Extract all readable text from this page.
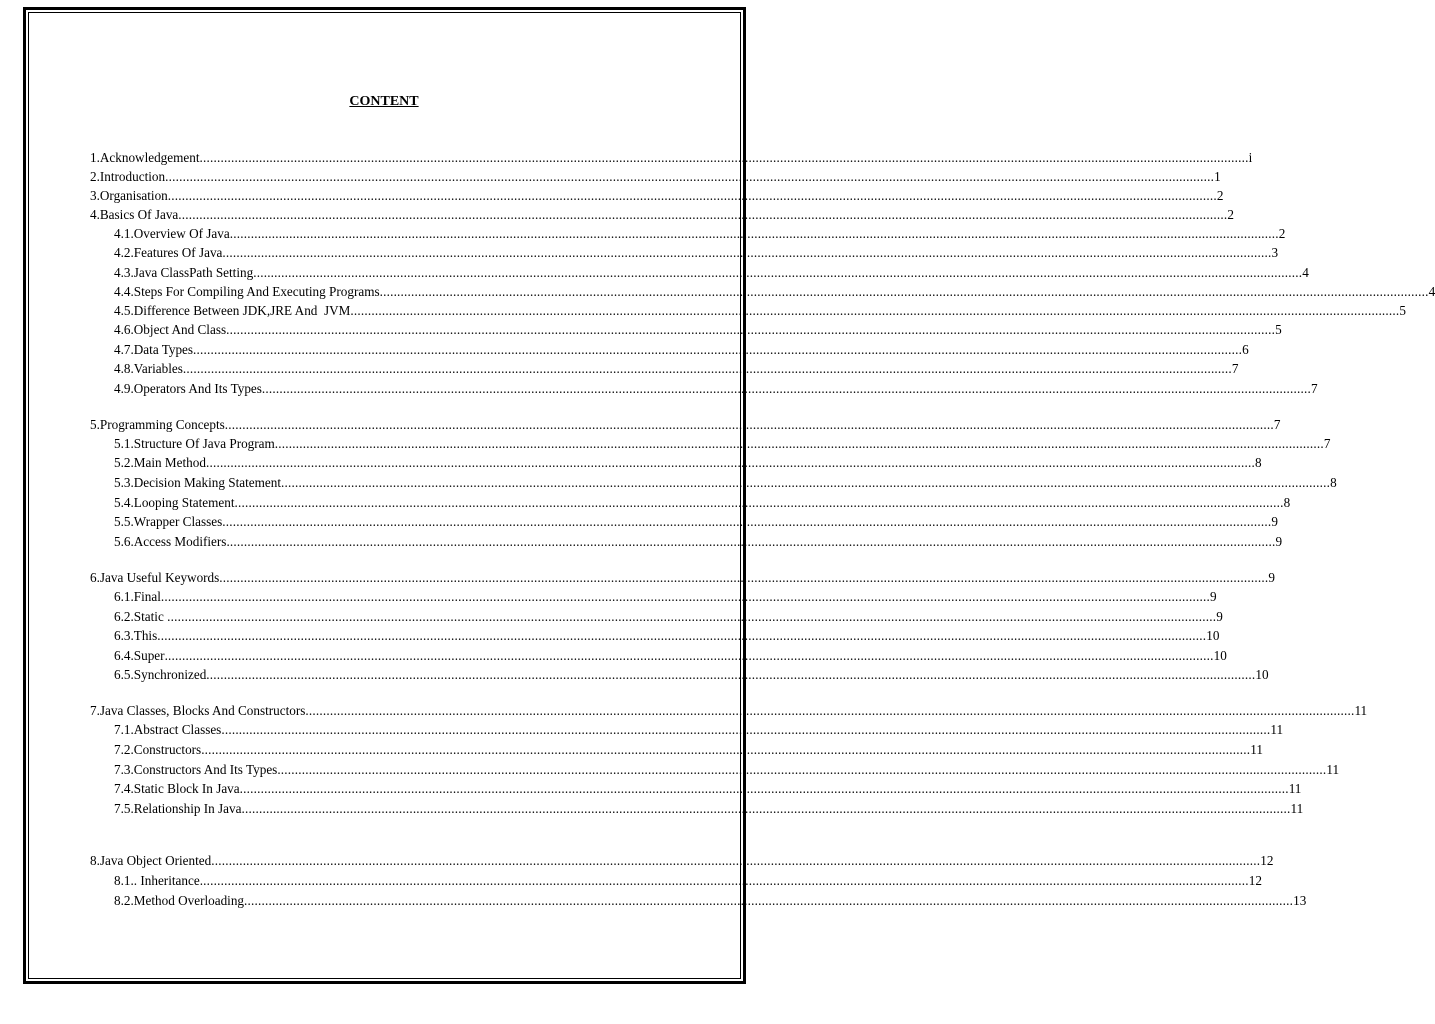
CONTENT
1. Acknowledgement ............................................................................................................................................................................................................................................................................................................ i
2. Introduction ............................................................................................................................................................................................................................................................................................................ 1
3. Organisation ............................................................................................................................................................................................................................................................................................................ 2
4. Basics Of Java ............................................................................................................................................................................................................................................................................................................ 2
4.1. Overview Of Java ............................................................................................................................................................................................................................................................................................................ 2
4.2. Features Of Java ............................................................................................................................................................................................................................................................................................................ 3
4.3. Java ClassPath Setting ............................................................................................................................................................................................................................................................................................................ 4
4.4. Steps For Compiling And Executing Programs ............................................................................................................................................................................................................................................................................................................ 4
4.5. Difference Between JDK,JRE And  JVM ............................................................................................................................................................................................................................................................................................................ 5
4.6. Object And Class ............................................................................................................................................................................................................................................................................................................ 5
4.7. Data Types ............................................................................................................................................................................................................................................................................................................ 6
4.8. Variables ............................................................................................................................................................................................................................................................................................................ 7
4.9. Operators And Its Types ............................................................................................................................................................................................................................................................................................................ 7
5. Programming Concepts ............................................................................................................................................................................................................................................................................................................ 7
5.1. Structure Of Java Program ............................................................................................................................................................................................................................................................................................................ 7
5.2. Main Method ............................................................................................................................................................................................................................................................................................................ 8
5.3. Decision Making Statement ............................................................................................................................................................................................................................................................................................................ 8
5.4. Looping Statement ............................................................................................................................................................................................................................................................................................................ 8
5.5. Wrapper Classes ............................................................................................................................................................................................................................................................................................................ 9
5.6. Access Modifiers ............................................................................................................................................................................................................................................................................................................ 9
6. Java Useful Keywords ............................................................................................................................................................................................................................................................................................................ 9
6.1. Final ............................................................................................................................................................................................................................................................................................................ 9
6.2. Static ............................................................................................................................................................................................................................................................................................................ 9
6.3. This ............................................................................................................................................................................................................................................................................................................ 10
6.4. Super ............................................................................................................................................................................................................................................................................................................ 10
6.5. Synchronized ............................................................................................................................................................................................................................................................................................................ 10
7. Java Classes, Blocks And Constructors ............................................................................................................................................................................................................................................................................................................ 11
7.1. Abstract Classes ............................................................................................................................................................................................................................................................................................................ 11
7.2. Constructors ............................................................................................................................................................................................................................................................................................................ 11
7.3. Constructors And Its Types ............................................................................................................................................................................................................................................................................................................ 11
7.4. Static Block In Java ............................................................................................................................................................................................................................................................................................................ 11
7.5. Relationship In Java ............................................................................................................................................................................................................................................................................................................ 11
8. Java Object Oriented ............................................................................................................................................................................................................................................................................................................ 12
8.1. . Inheritance ............................................................................................................................................................................................................................................................................................................ 12
8.2. Method Overloading ............................................................................................................................................................................................................................................................................................................ 13
